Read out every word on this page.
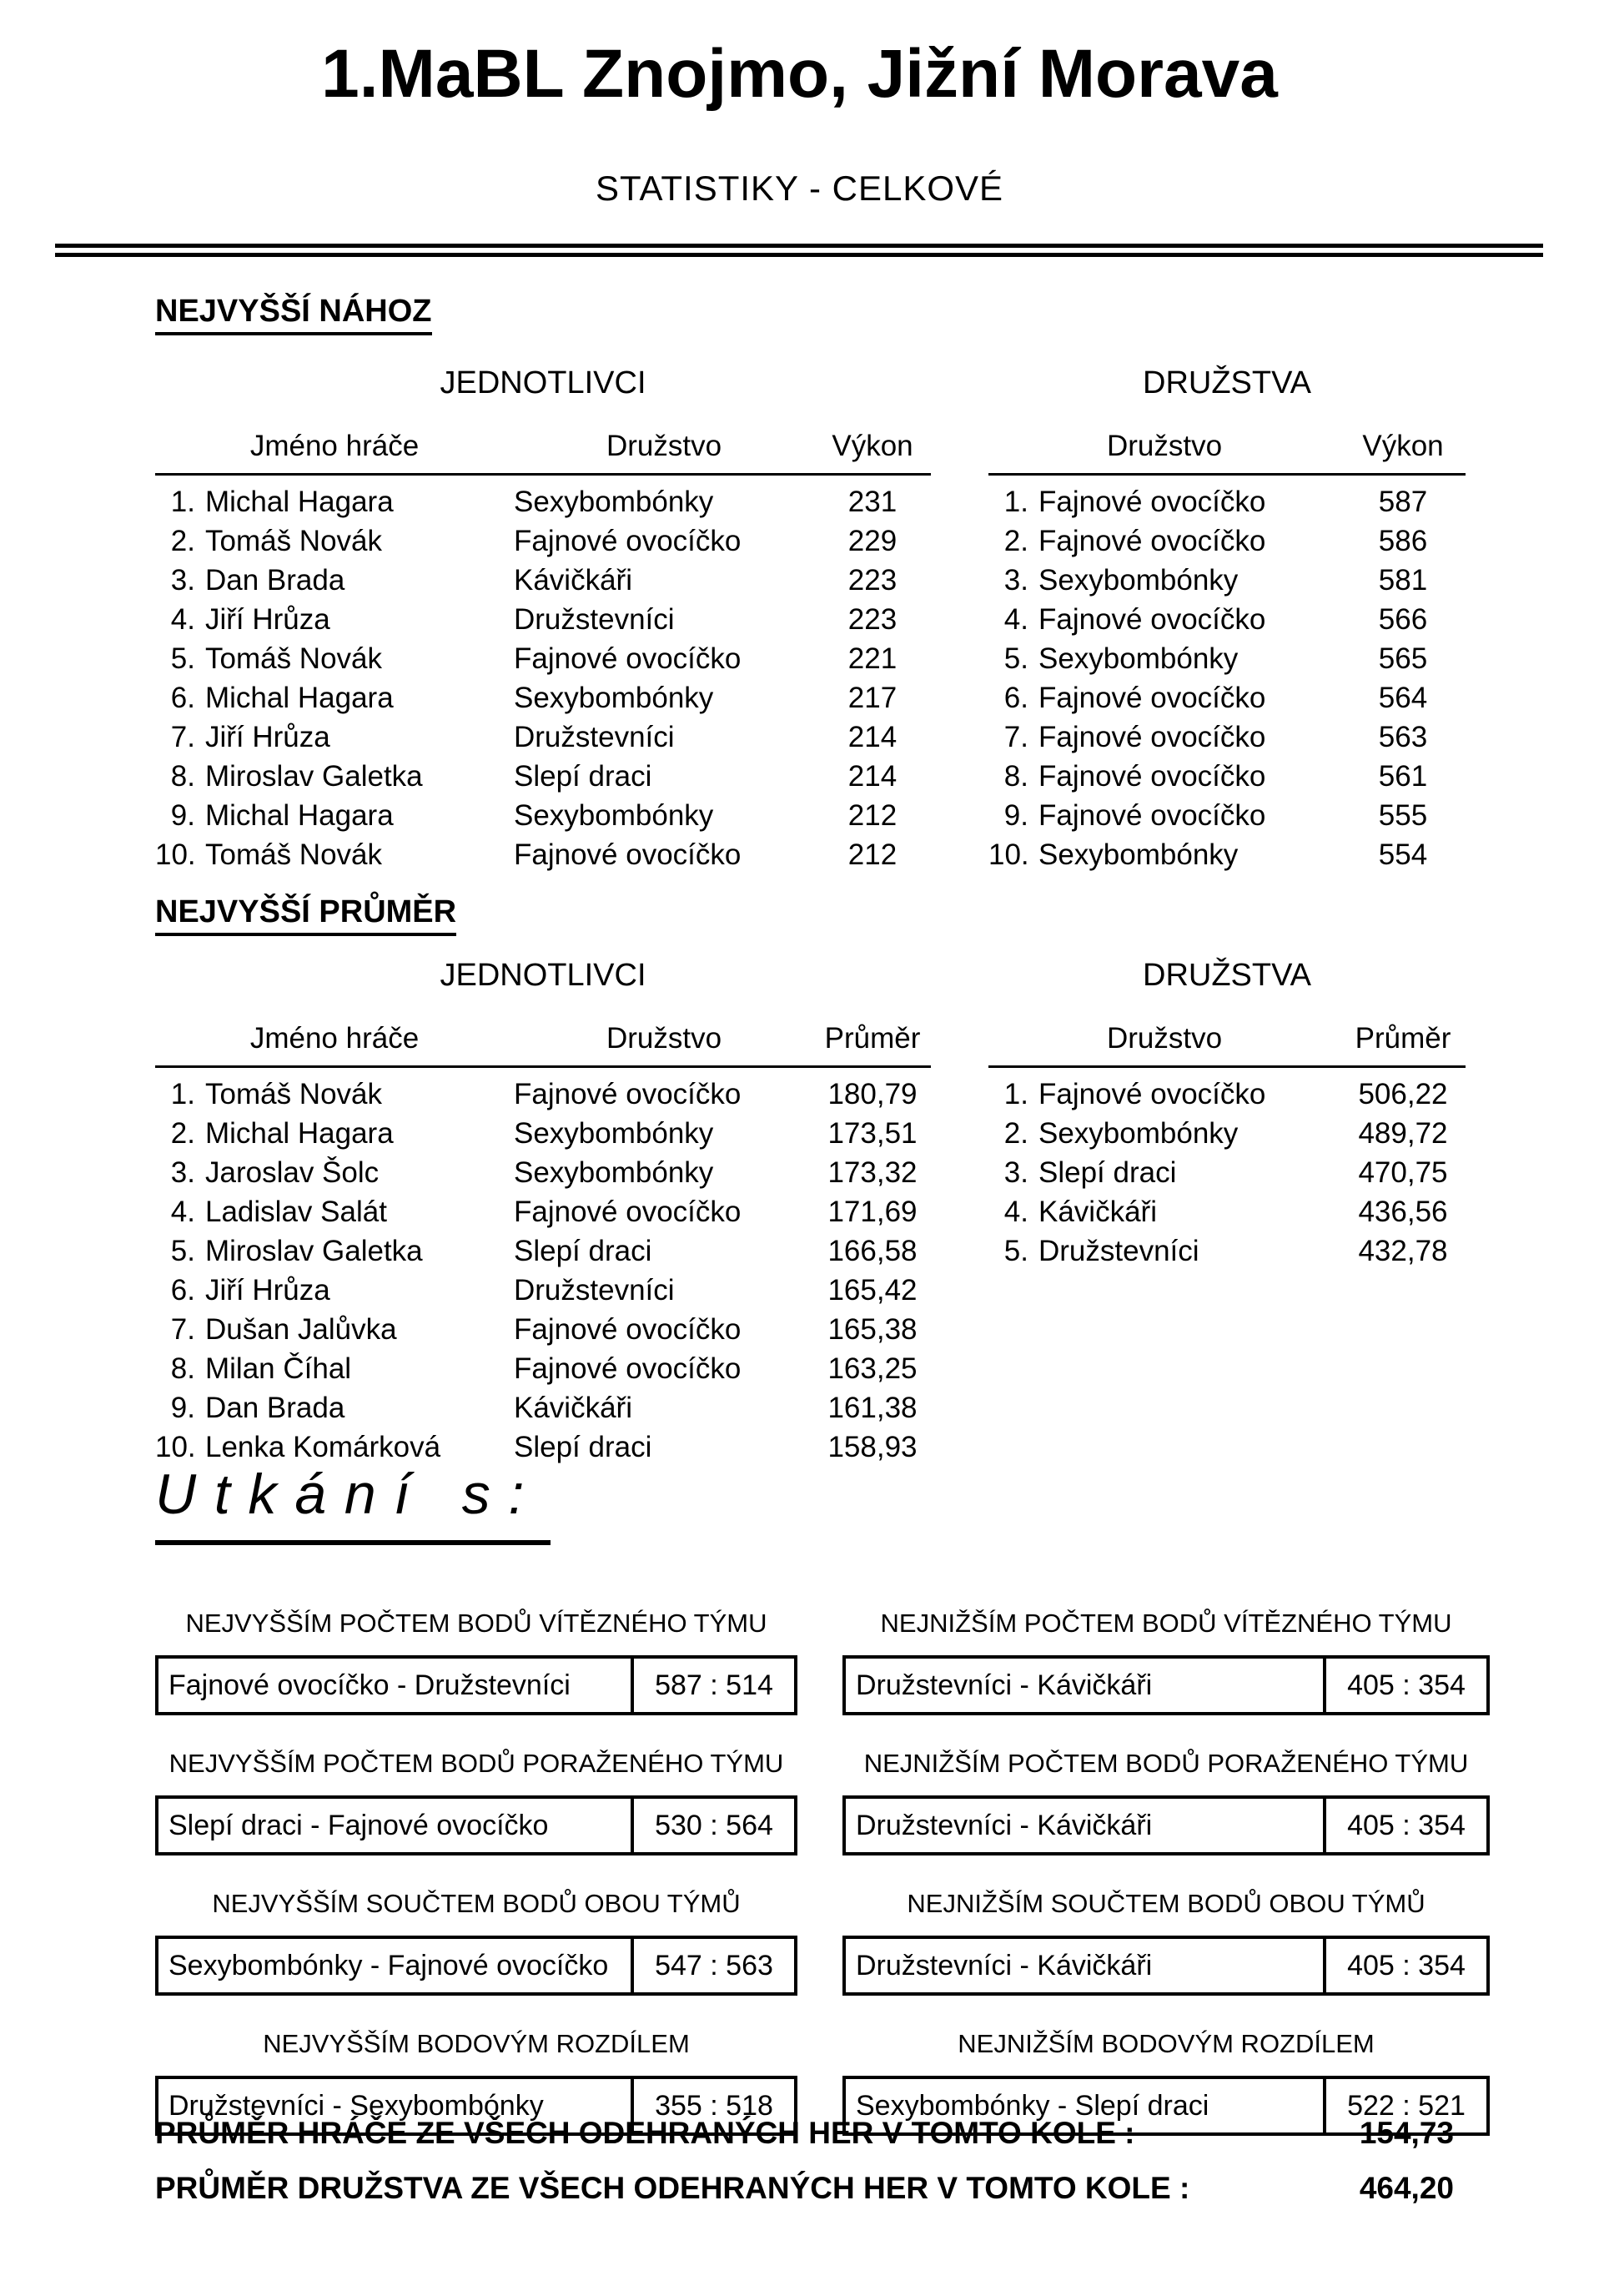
1.MaBL Znojmo, Jižní Morava
STATISTIKY - CELKOVÉ
NEJVYŠŠÍ NÁHOZ
JEDNOTLIVCI
Jméno hráče	Družstvo	Výkon
1. Michal Hagara	Sexybombónky	231
2. Tomáš Novák	Fajnové ovocíčko	229
3. Dan Brada	Kávičkáři	223
4. Jiří Hrůza	Družstevníci	223
5. Tomáš Novák	Fajnové ovocíčko	221
6. Michal Hagara	Sexybombónky	217
7. Jiří Hrůza	Družstevníci	214
8. Miroslav Galetka	Slepí draci	214
9. Michal Hagara	Sexybombónky	212
10. Tomáš Novák	Fajnové ovocíčko	212
DRUŽSTVA
Družstvo	Výkon
1. Fajnové ovocíčko	587
2. Fajnové ovocíčko	586
3. Sexybombónky	581
4. Fajnové ovocíčko	566
5. Sexybombónky	565
6. Fajnové ovocíčko	564
7. Fajnové ovocíčko	563
8. Fajnové ovocíčko	561
9. Fajnové ovocíčko	555
10. Sexybombónky	554
NEJVYŠŠÍ PRŮMĚR
JEDNOTLIVCI
Jméno hráče	Družstvo	Průměr
1. Tomáš Novák	Fajnové ovocíčko	180,79
2. Michal Hagara	Sexybombónky	173,51
3. Jaroslav Šolc	Sexybombónky	173,32
4. Ladislav Salát	Fajnové ovocíčko	171,69
5. Miroslav Galetka	Slepí draci	166,58
6. Jiří Hrůza	Družstevníci	165,42
7. Dušan Jalůvka	Fajnové ovocíčko	165,38
8. Milan Číhal	Fajnové ovocíčko	163,25
9. Dan Brada	Kávičkáři	161,38
10. Lenka Komárková	Slepí draci	158,93
DRUŽSTVA
Družstvo	Průměr
1. Fajnové ovocíčko	506,22
2. Sexybombónky	489,72
3. Slepí draci	470,75
4. Kávičkáři	436,56
5. Družstevníci	432,78
Utkání s:
NEJVYŠŠÍM POČTEM BODŮ VÍTĚZNÉHO TÝMU
Fajnové ovocíčko - Družstevníci	587 : 514
NEJNIŽŠÍM POČTEM BODŮ VÍTĚZNÉHO TÝMU
Družstevníci - Kávičkáři	405 : 354
NEJVYŠŠÍM POČTEM BODŮ PORAŽENÉHO TÝMU
Slepí draci - Fajnové ovocíčko	530 : 564
NEJNIŽŠÍM POČTEM BODŮ PORAŽENÉHO TÝMU
Družstevníci - Kávičkáři	405 : 354
NEJVYŠŠÍM SOUČTEM BODŮ OBOU TÝMŮ
Sexybombónky - Fajnové ovocíčko	547 : 563
NEJNIŽŠÍM SOUČTEM BODŮ OBOU TÝMŮ
Družstevníci - Kávičkáři	405 : 354
NEJVYŠŠÍM BODOVÝM ROZDÍLEM
Družstevníci - Sexybombónky	355 : 518
NEJNIŽŠÍM BODOVÝM ROZDÍLEM
Sexybombónky - Slepí draci	522 : 521
PRŮMĚR HRÁČE ZE VŠECH ODEHRANÝCH HER V TOMTO KOLE :	154,73
PRŮMĚR DRUŽSTVA ZE VŠECH ODEHRANÝCH HER V TOMTO KOLE :	464,20
